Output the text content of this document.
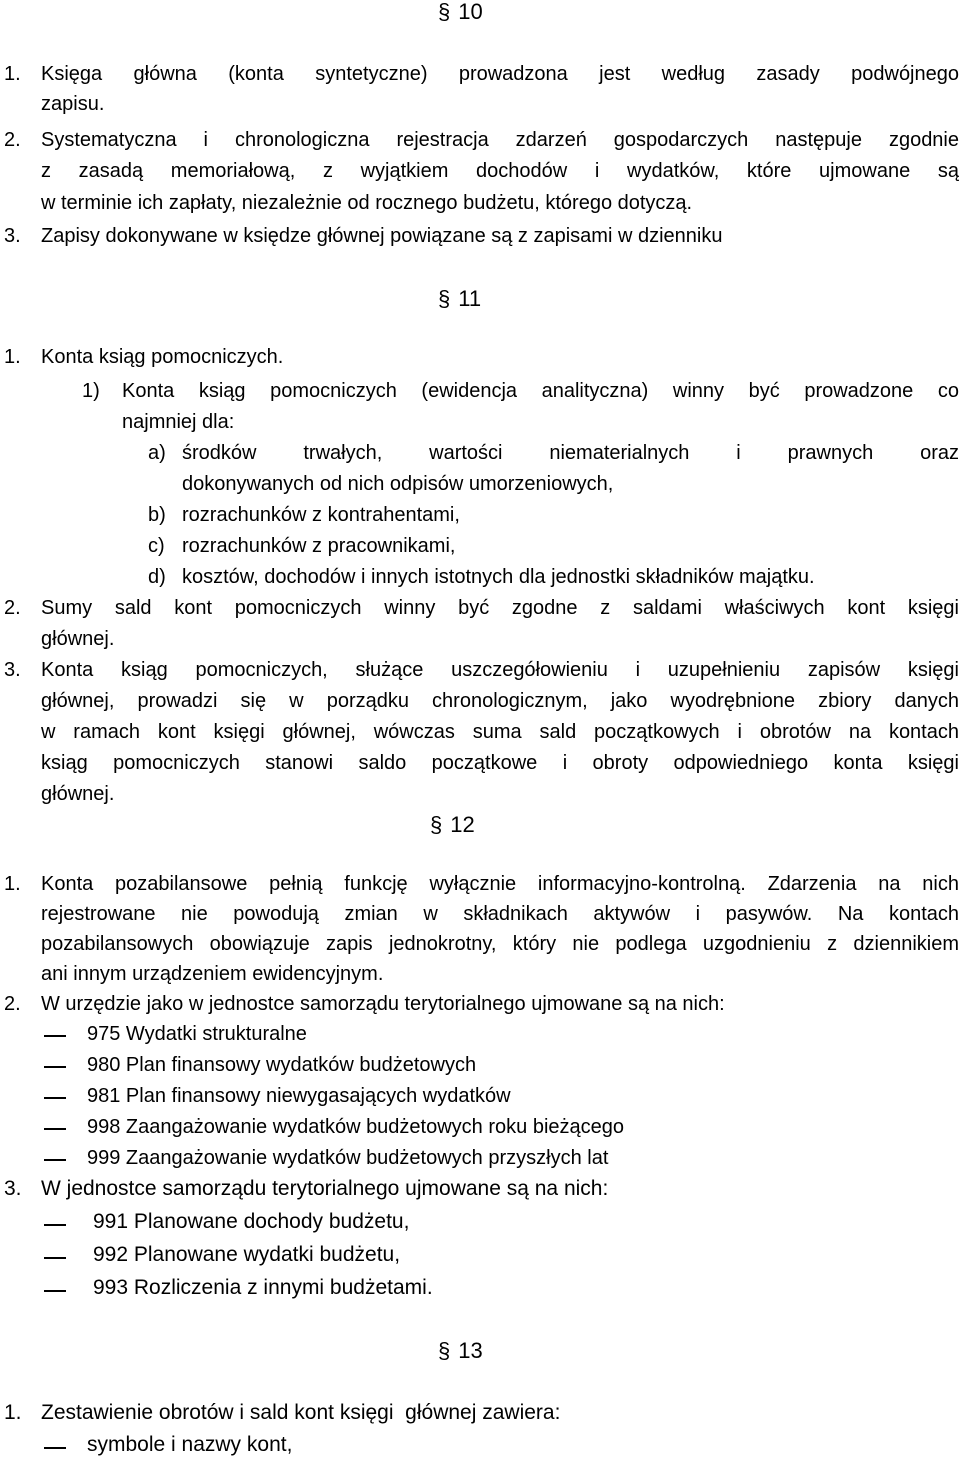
§ 10
1. Księga główna (konta syntetyczne) prowadzona jest według zasady podwójnego
zapisu.
2. Systematyczna i chronologiczna rejestracja zdarzeń gospodarczych następuje zgodnie
z zasadą memoriałową, z wyjątkiem dochodów i wydatków, które ujmowane są
w terminie ich zapłaty, niezależnie od rocznego budżetu, którego dotyczą.
3. Zapisy dokonywane w księdze głównej powiązane są z zapisami w dzienniku
§ 11
1. Konta ksiąg pomocniczych.
1) Konta ksiąg pomocniczych (ewidencja analityczna) winny być prowadzone co
najmniej dla:
a) środków trwałych, wartości niematerialnych i prawnych oraz
dokonywanych od nich odpisów umorzeniowych,
b) rozrachunków z kontrahentami,
c) rozrachunków z pracownikami,
d) kosztów, dochodów i innych istotnych dla jednostki składników majątku.
2. Sumy sald kont pomocniczych winny być zgodne z saldami właściwych kont księgi
głównej.
3. Konta ksiąg pomocniczych, służące uszczegółowieniu i uzupełnieniu zapisów księgi
głównej, prowadzi się w porządku chronologicznym, jako wyodrębnione zbiory danych
w ramach kont księgi głównej, wówczas suma sald początkowych i obrotów na kontach
ksiąg pomocniczych stanowi saldo początkowe i obroty odpowiedniego konta księgi
głównej.
§ 12
1. Konta pozabilansowe pełnią funkcję wyłącznie informacyjno-kontrolną. Zdarzenia na nich
rejestrowane nie powodują zmian w składnikach aktywów i pasywów. Na kontach
pozabilansowych obowiązuje zapis jednokrotny, który nie podlega uzgodnieniu z dziennikiem
ani innym urządzeniem ewidencyjnym.
2. W urzędzie jako w jednostce samorządu terytorialnego ujmowane są na nich:
975 Wydatki strukturalne
980 Plan finansowy wydatków budżetowych
981 Plan finansowy niewygasających wydatków
998 Zaangażowanie wydatków budżetowych roku bieżącego
999 Zaangażowanie wydatków budżetowych przyszłych lat
3. W jednostce samorządu terytorialnego ujmowane są na nich:
991 Planowane dochody budżetu,
992 Planowane wydatki budżetu,
993 Rozliczenia z innymi budżetami.
§ 13
1. Zestawienie obrotów i sald kont księgi  głównej zawiera:
symbole i nazwy kont,
